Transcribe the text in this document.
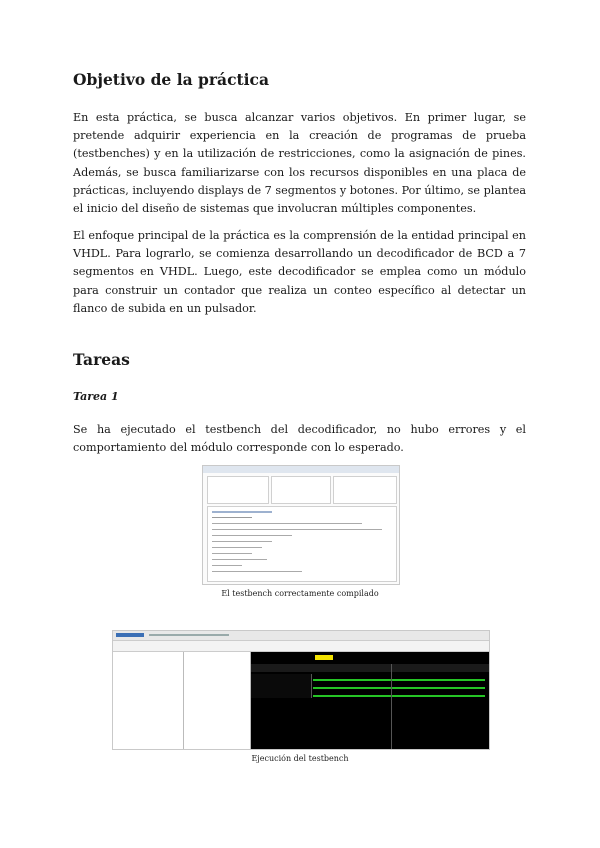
Objetivo de la práctica

En esta práctica, se busca alcanzar varios objetivos. En primer lugar, se pretende adquirir experiencia en la creación de programas de prueba (testbenches) y en la utilización de restricciones, como la asignación de pines. Además, se busca familiarizarse con los recursos disponibles en una placa de prácticas, incluyendo displays de 7 segmentos y botones. Por último, se plantea el inicio del diseño de sistemas que involucran múltiples componentes.

El enfoque principal de la práctica es la comprensión de la entidad principal en VHDL. Para lograrlo, se comienza desarrollando un decodificador de BCD a 7 segmentos en VHDL. Luego, este decodificador se emplea como un módulo para construir un contador que realiza un conteo específico al detectar un flanco de subida en un pulsador.

Tareas
Tarea 1

Se ha ejecutado el testbench del decodificador, no hubo errores y el comportamiento del módulo corresponde con lo esperado.

El testbench correctamente compilado
Ejecución del testbench
